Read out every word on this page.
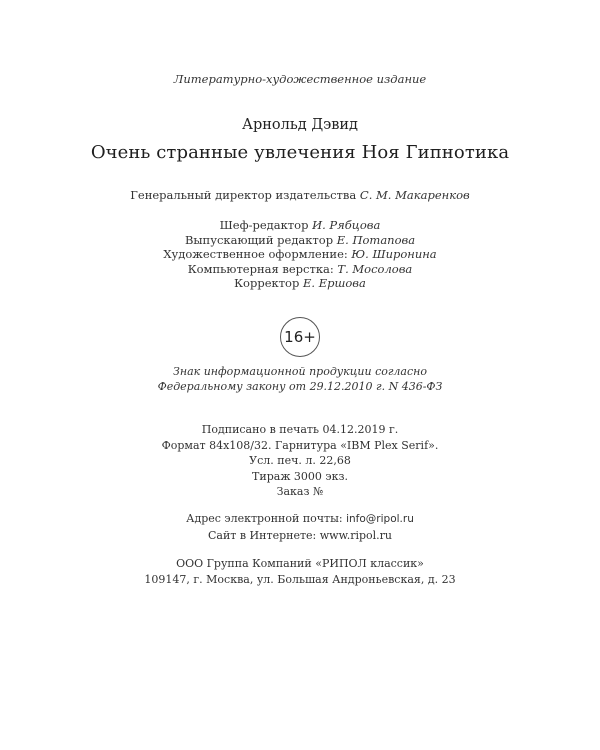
Литературно-художественное издание
Арнольд Дэвид
Очень странные увлечения Ноя Гипнотика
Генеральный директор издательства С. М. Макаренков
Шеф-редактор И. Рябцова
Выпускающий редактор Е. Потапова
Художественное оформление: Ю. Широнина
Компьютерная верстка: Т. Мосолова
Корректор Е. Ершова
16+
Знак информационной продукции согласно
Федеральному закону от 29.12.2010 г. N 436-ФЗ
Подписано в печать 04.12.2019 г.
Формат 84x108/32. Гарнитура «IBM Plex Serif».
Усл. печ. л. 22,68
Тираж 3000 экз.
Заказ №
Адрес электронной почты: info@ripol.ru
Сайт в Интернете: www.ripol.ru
ООО Группа Компаний «РИПОЛ классик»
109147, г. Москва, ул. Большая Андроньевская, д. 23
